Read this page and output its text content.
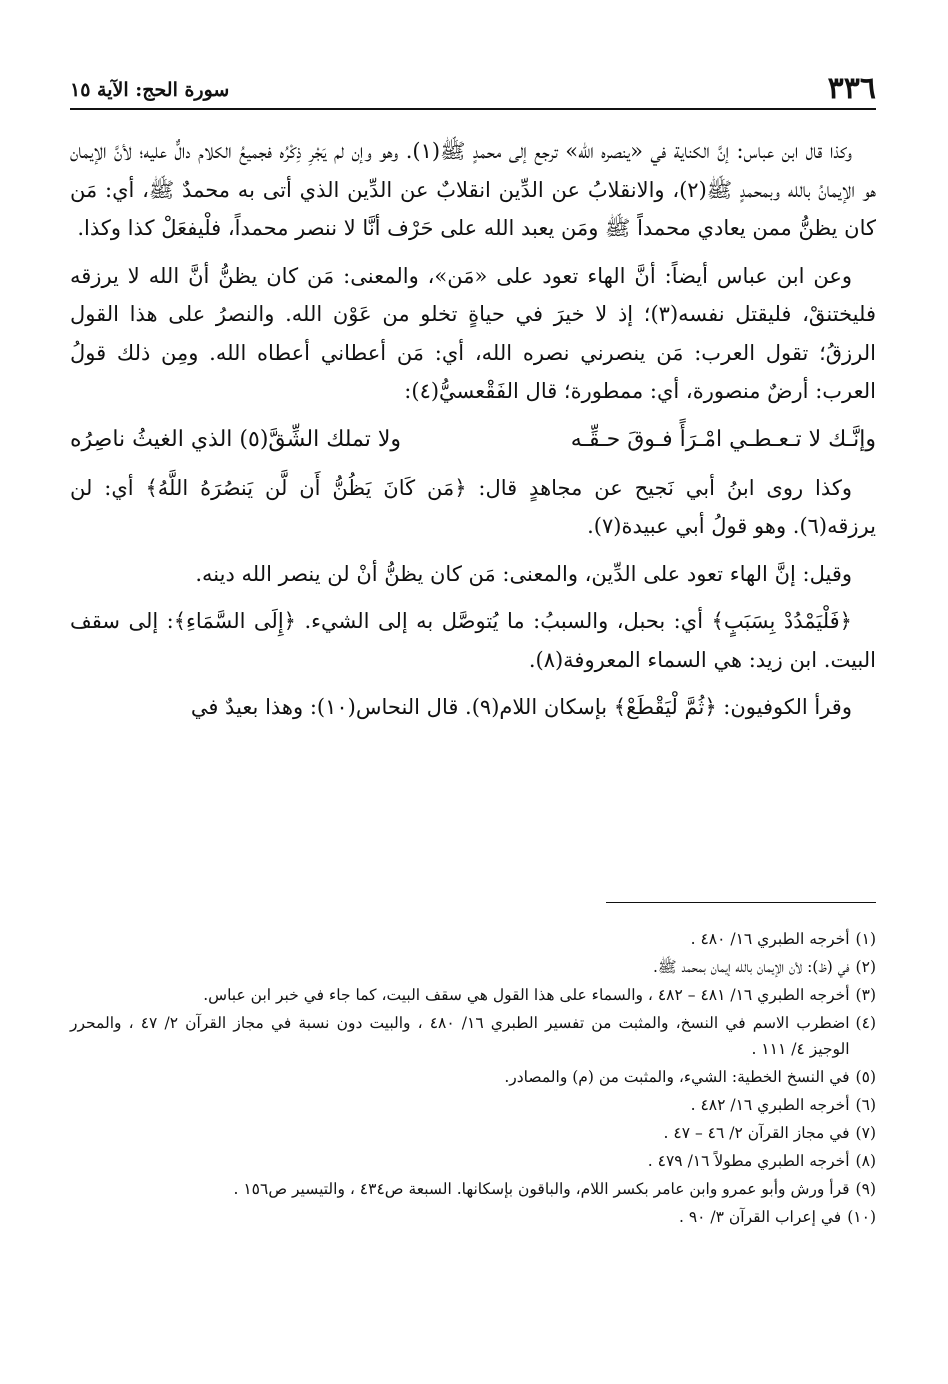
٣٣٦
سورة الحج: الآية ١٥

وكذا قال ابن عباس: إنَّ الكناية في «ينصره الله» ترجع إلى محمدٍ ﷺ(١). وهو وإن لم يَجْرِ ذِكْرُه فجميعُ الكلام دالٌّ عليه؛ لأنَّ الإيمان هو الإيمانُ بالله وبمحمدٍ ﷺ(٢)، والانقلابُ عن الدِّين انقلابٌ عن الدِّين الذي أتى به محمدٌ ﷺ، أي: مَن كان يظنُّ ممن يعادي محمداً ﷺ ومَن يعبد الله على حَرْف أنَّا لا ننصر محمداً، فلْيفعَلْ كذا وكذا.

وعن ابن عباس أيضاً: أنَّ الهاء تعود على «مَن»، والمعنى: مَن كان يظنُّ أنَّ الله لا يرزقه فليختنقْ، فليقتل نفسه(٣)؛ إذ لا خيرَ في حياةٍ تخلو من عَوْن الله. والنصرُ على هذا القول الرزقُ؛ تقول العرب: مَن ينصرني نصره الله، أي: مَن أعطاني أعطاه الله. ومِن ذلك قولُ العرب: أرضٌ منصورة، أي: ممطورة؛ قال الفَقْعسيُّ(٤):

وإنَّـك لا تـعـطـي امْـرَأً فـوقَ حـقِّـه
ولا تملك الشِّقَّ(٥) الذي الغيثُ ناصِرُه

وكذا روى ابنُ أبي نَجيح عن مجاهدٍ قال: ﴿مَن كَانَ يَظُنُّ أَن لَّن يَنصُرَهُ اللَّهُ﴾ أي: لن يرزقه(٦). وهو قولُ أبي عبيدة(٧).

وقيل: إنَّ الهاء تعود على الدِّين، والمعنى: مَن كان يظنُّ أنْ لن ينصر الله دينه.

﴿فَلْيَمْدُدْ بِسَبَبٍ﴾ أي: بحبل، والسببُ: ما يُتوصَّل به إلى الشيء. ﴿إِلَى السَّمَاءِ﴾: إلى سقف البيت. ابن زيد: هي السماء المعروفة(٨).

وقرأ الكوفيون: ﴿ثُمَّ لْيَقْطَعْ﴾ بإسكان اللام(٩). قال النحاس(١٠): وهذا بعيدٌ في

(١)
أخرجه الطبري ١٦/ ٤٨٠ .
(٢)
في (ظ): لأن الإيمان بالله إيمان بمحمد ﷺ.
(٣)
أخرجه الطبري ١٦/ ٤٨١ – ٤٨٢ ، والسماء على هذا القول هي سقف البيت، كما جاء في خبر ابن عباس.
(٤)
اضطرب الاسم في النسخ، والمثبت من تفسير الطبري ١٦/ ٤٨٠ ، والبيت دون نسبة في مجاز القرآن ٢/ ٤٧ ، والمحرر الوجيز ٤/ ١١١ .
(٥)
في النسخ الخطية: الشيء، والمثبت من (م) والمصادر.
(٦)
أخرجه الطبري ١٦/ ٤٨٢ .
(٧)
في مجاز القرآن ٢/ ٤٦ – ٤٧ .
(٨)
أخرجه الطبري مطولاً ١٦/ ٤٧٩ .
(٩)
قرأ ورش وأبو عمرو وابن عامر بكسر اللام، والباقون بإسكانها. السبعة ص٤٣٤ ، والتيسير ص١٥٦ .
(١٠)
في إعراب القرآن ٣/ ٩٠ .
